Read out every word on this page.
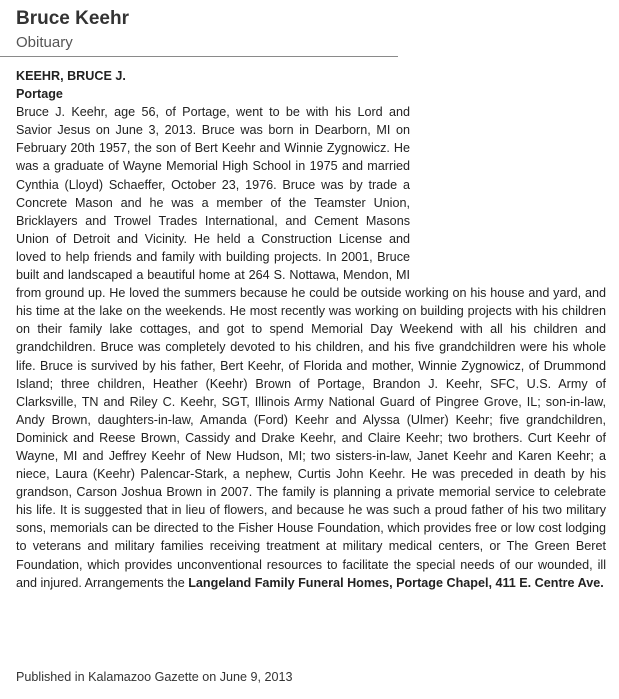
Bruce Keehr
Obituary
KEEHR, BRUCE J.
Portage
Bruce J. Keehr, age 56, of Portage, went to be with his Lord and Savior Jesus on June 3, 2013. Bruce was born in Dearborn, MI on February 20th 1957, the son of Bert Keehr and Winnie Zygnowicz. He was a graduate of Wayne Memorial High School in 1975 and married Cynthia (Lloyd) Schaeffer, October 23, 1976. Bruce was by trade a Concrete Mason and he was a member of the Teamster Union, Bricklayers and Trowel Trades International, and Cement Masons Union of Detroit and Vicinity. He held a Construction License and loved to help friends and family with building projects. In 2001, Bruce built and landscaped a beautiful home at 264 S. Nottawa, Mendon, MI from ground up. He loved the summers because he could be outside working on his house and yard, and his time at the lake on the weekends. He most recently was working on building projects with his children on their family lake cottages, and got to spend Memorial Day Weekend with all his children and grandchildren. Bruce was completely devoted to his children, and his five grandchildren were his whole life. Bruce is survived by his father, Bert Keehr, of Florida and mother, Winnie Zygnowicz, of Drummond Island; three children, Heather (Keehr) Brown of Portage, Brandon J. Keehr, SFC, U.S. Army of Clarksville, TN and Riley C. Keehr, SGT, Illinois Army National Guard of Pingree Grove, IL; son-in-law, Andy Brown, daughters-in-law, Amanda (Ford) Keehr and Alyssa (Ulmer) Keehr; five grandchildren, Dominick and Reese Brown, Cassidy and Drake Keehr, and Claire Keehr; two brothers. Curt Keehr of Wayne, MI and Jeffrey Keehr of New Hudson, MI; two sisters-in-law, Janet Keehr and Karen Keehr; a niece, Laura (Keehr) Palencar-Stark, a nephew, Curtis John Keehr. He was preceded in death by his grandson, Carson Joshua Brown in 2007. The family is planning a private memorial service to celebrate his life. It is suggested that in lieu of flowers, and because he was such a proud father of his two military sons, memorials can be directed to the Fisher House Foundation, which provides free or low cost lodging to veterans and military families receiving treatment at military medical centers, or The Green Beret Foundation, which provides unconventional resources to facilitate the special needs of our wounded, ill and injured. Arrangements the Langeland Family Funeral Homes, Portage Chapel, 411 E. Centre Ave.
Published in Kalamazoo Gazette on June 9, 2013
